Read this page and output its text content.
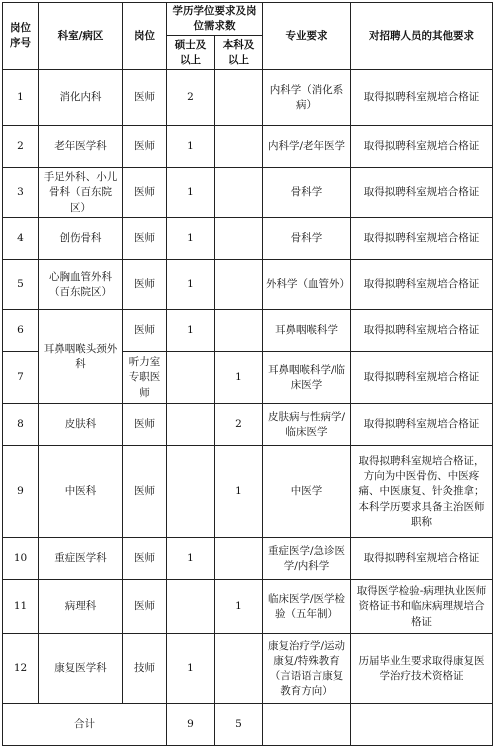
岗位序号	科室/病区	岗位	学历学位要求及岗位需求数		专业要求	对招聘人员的其他要求
			硕士及以上	本科及以上		
1	消化内科	医师	2		内科学（消化系病）	取得拟聘科室规培合格证
2	老年医学科	医师	1		内科学/老年医学	取得拟聘科室规培合格证
3	手足外科、小儿骨科（百东院区）	医师	1		骨科学	取得拟聘科室规培合格证
4	创伤骨科	医师	1		骨科学	取得拟聘科室规培合格证
5	心胸血管外科（百东院区）	医师	1		外科学（血管外）	取得拟聘科室规培合格证
6	耳鼻咽喉头颈外科	医师	1		耳鼻咽喉科学	取得拟聘科室规培合格证
7		听力室专职医师		1	耳鼻咽喉科学/临床医学	取得拟聘科室规培合格证
8	皮肤科	医师		2	皮肤病与性病学/临床医学	取得拟聘科室规培合格证
9	中医科	医师		1	中医学	取得拟聘科室规培合格证，方向为中医骨伤、中医疼痛、中医康复、针灸推拿；本科学历要求具备主治医师职称
10	重症医学科	医师	1		重症医学/急诊医学/内科学	取得拟聘科室规培合格证
11	病理科	医师		1	临床医学/医学检验（五年制）	取得医学检验-病理执业医师资格证书和临床病理规培合格证
12	康复医学科	技师	1		康复治疗学/运动康复/特殊教育（言语语言康复教育方向）	历届毕业生要求取得康复医学治疗技术资格证
合计			9	5		
